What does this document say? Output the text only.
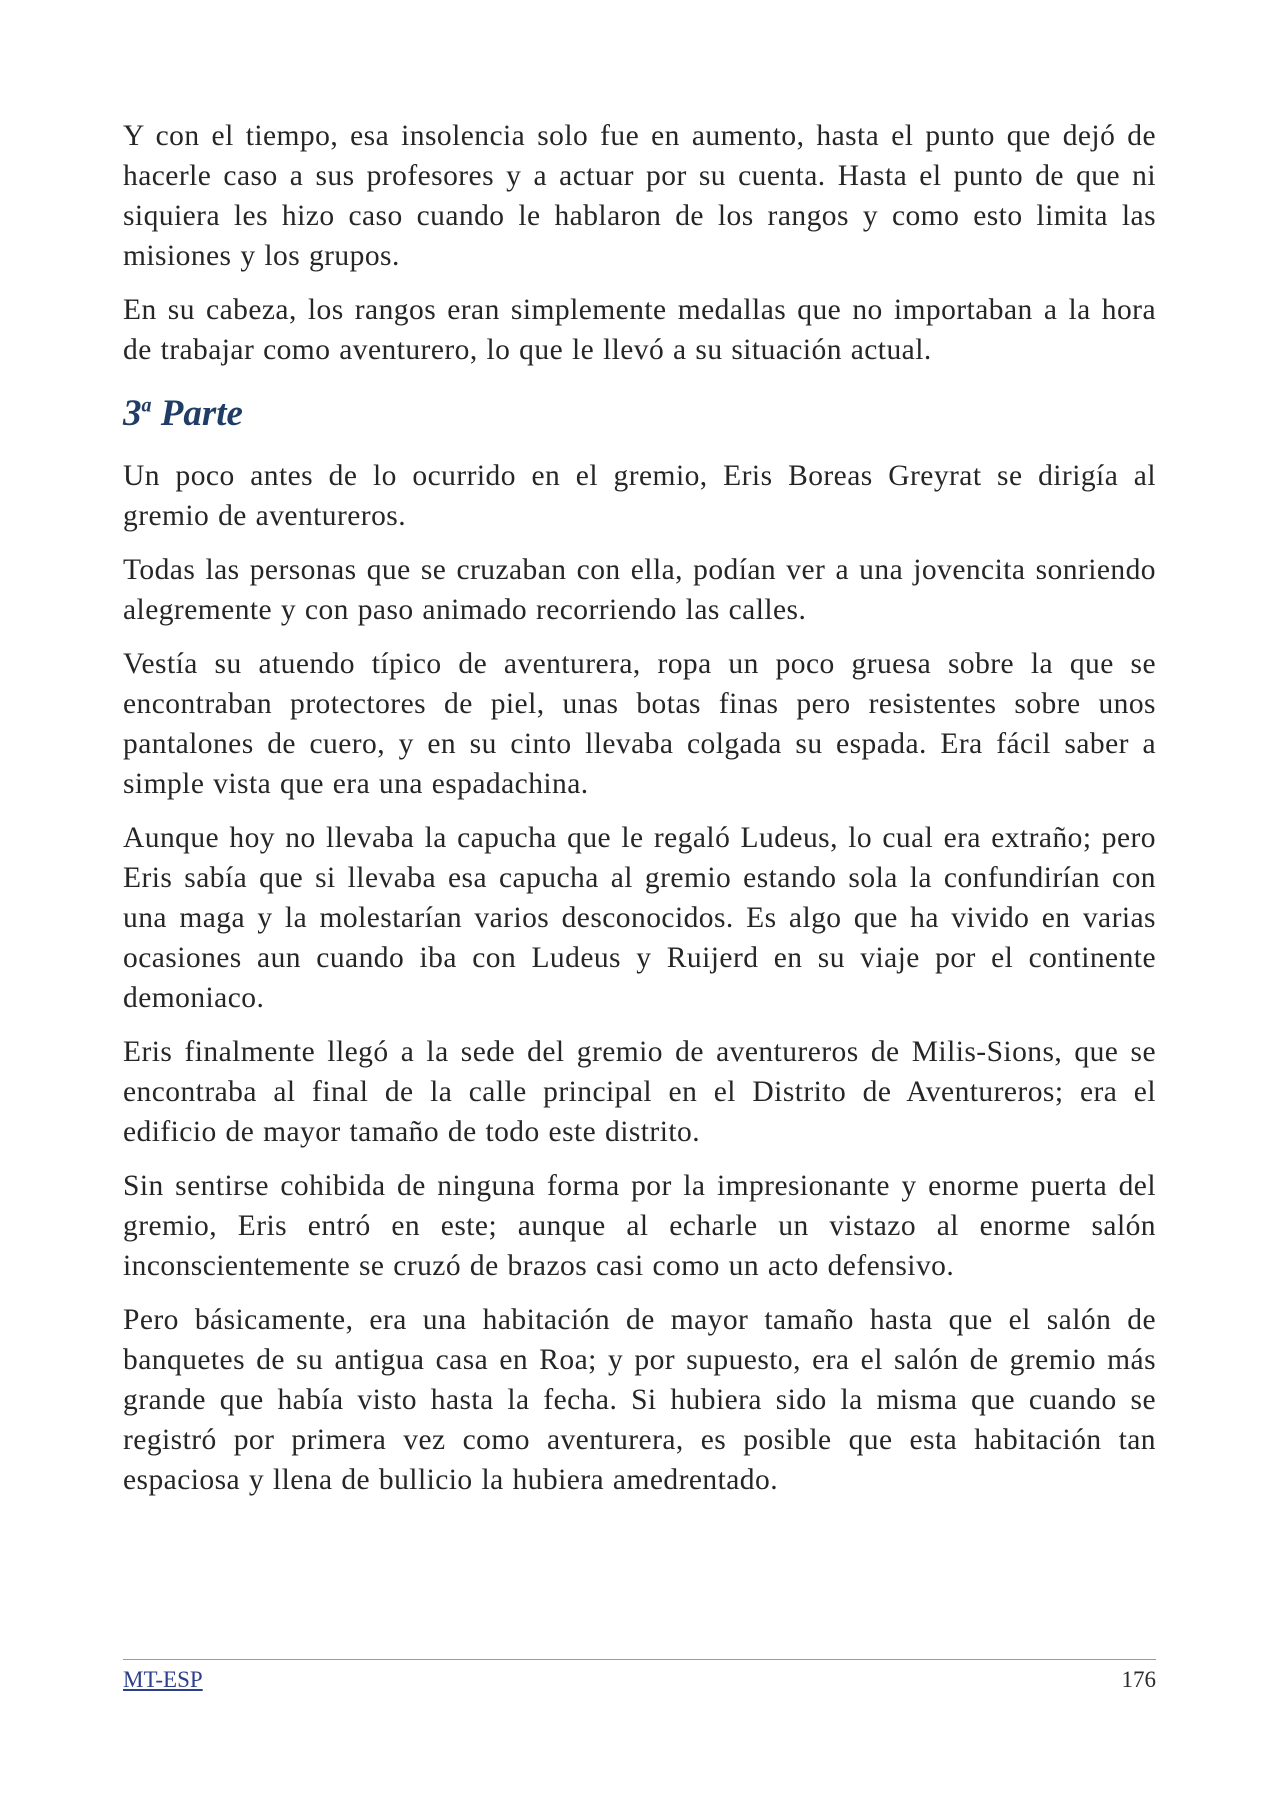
Y con el tiempo, esa insolencia solo fue en aumento, hasta el punto que dejó de hacerle caso a sus profesores y a actuar por su cuenta. Hasta el punto de que ni siquiera les hizo caso cuando le hablaron de los rangos y como esto limita las misiones y los grupos.

En su cabeza, los rangos eran simplemente medallas que no importaban a la hora de trabajar como aventurero, lo que le llevó a su situación actual.

3$^a$ Parte

Un poco antes de lo ocurrido en el gremio, Eris Boreas Greyrat se dirigía al gremio de aventureros.

Todas las personas que se cruzaban con ella, podían ver a una jovencita sonriendo alegremente y con paso animado recorriendo las calles.

Vestía su atuendo típico de aventurera, ropa un poco gruesa sobre la que se encontraban protectores de piel, unas botas finas pero resistentes sobre unos pantalones de cuero, y en su cinto llevaba colgada su espada. Era fácil saber a simple vista que era una espadachina.

Aunque hoy no llevaba la capucha que le regaló Ludeus, lo cual era extraño; pero Eris sabía que si llevaba esa capucha al gremio estando sola la confundirían con una maga y la molestarían varios desconocidos. Es algo que ha vivido en varias ocasiones aun cuando iba con Ludeus y Ruijerd en su viaje por el continente demoniaco.

Eris finalmente llegó a la sede del gremio de aventureros de Milis-Sions, que se encontraba al final de la calle principal en el Distrito de Aventureros; era el edificio de mayor tamaño de todo este distrito.

Sin sentirse cohibida de ninguna forma por la impresionante y enorme puerta del gremio, Eris entró en este; aunque al echarle un vistazo al enorme salón inconscientemente se cruzó de brazos casi como un acto defensivo.

Pero básicamente, era una habitación de mayor tamaño hasta que el salón de banquetes de su antigua casa en Roa; y por supuesto, era el salón de gremio más grande que había visto hasta la fecha. Si hubiera sido la misma que cuando se registró por primera vez como aventurera, es posible que esta habitación tan espaciosa y llena de bullicio la hubiera amedrentado.

MT-ESP	176
